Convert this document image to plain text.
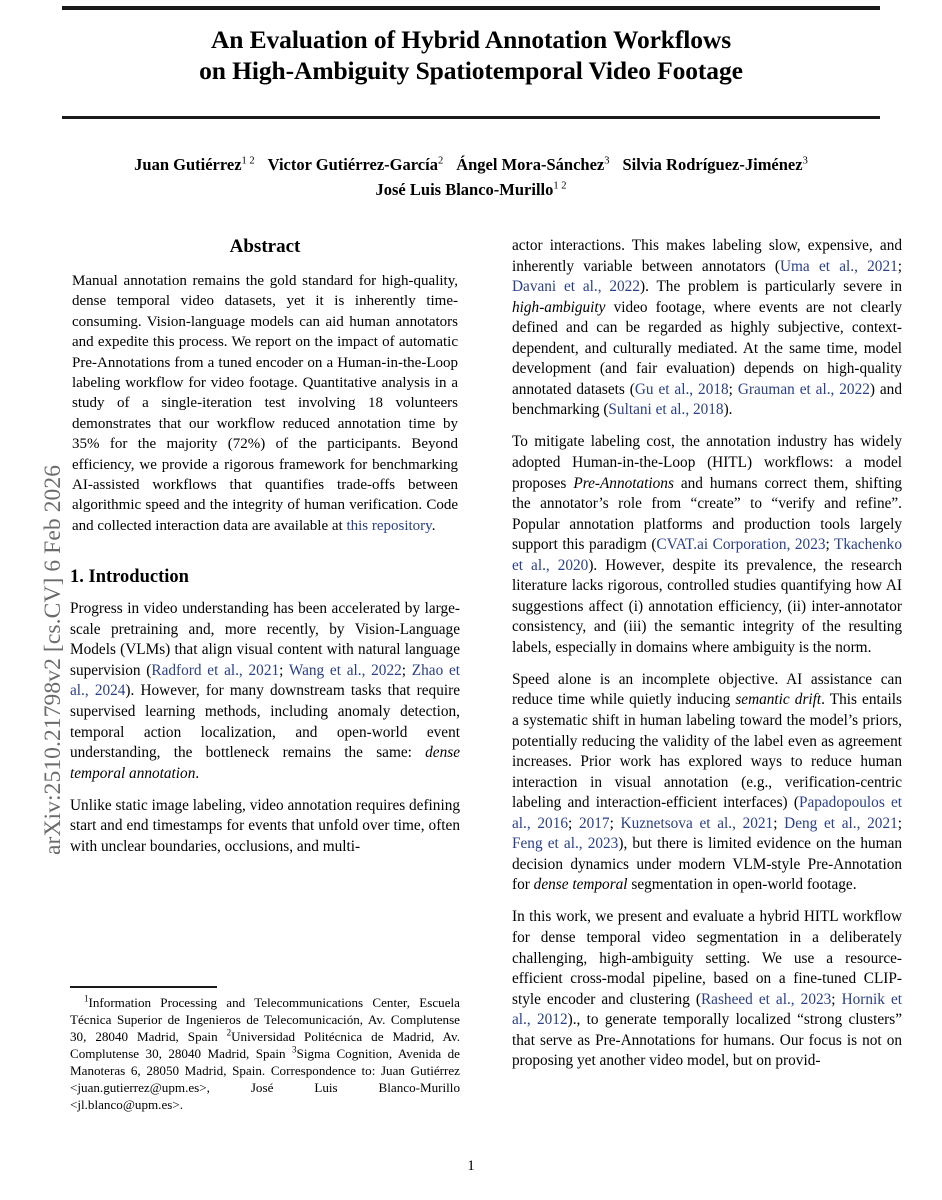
arXiv:2510.21798v2 [cs.CV] 6 Feb 2026
An Evaluation of Hybrid Annotation Workflows
on High-Ambiguity Spatiotemporal Video Footage
Juan Gutiérrez$^{1 2}$ Victor Gutiérrez-García$^2$ Ángel Mora-Sánchez$^3$ Silvia Rodríguez-Jiménez$^3$
José Luis Blanco-Murillo$^{1 2}$
Abstract
Manual annotation remains the gold standard for high-quality, dense temporal video datasets, yet it is inherently time-consuming. Vision-language models can aid human annotators and expedite this process. We report on the impact of automatic Pre-Annotations from a tuned encoder on a Human-in-the-Loop labeling workflow for video footage. Quantitative analysis in a study of a single-iteration test involving 18 volunteers demonstrates that our workflow reduced annotation time by 35% for the majority (72%) of the participants. Beyond efficiency, we provide a rigorous framework for benchmarking AI-assisted workflows that quantifies trade-offs between algorithmic speed and the integrity of human verification. Code and collected interaction data are available at this repository.
1. Introduction

Progress in video understanding has been accelerated by large-scale pretraining and, more recently, by Vision-Language Models (VLMs) that align visual content with natural language supervision (Radford et al., 2021; Wang et al., 2022; Zhao et al., 2024). However, for many downstream tasks that require supervised learning methods, including anomaly detection, temporal action localization, and open-world event understanding, the bottleneck remains the same: dense temporal annotation.

Unlike static image labeling, video annotation requires defining start and end timestamps for events that unfold over time, often with unclear boundaries, occlusions, and multi-

actor interactions. This makes labeling slow, expensive, and inherently variable between annotators (Uma et al., 2021; Davani et al., 2022). The problem is particularly severe in high-ambiguity video footage, where events are not clearly defined and can be regarded as highly subjective, context-dependent, and culturally mediated. At the same time, model development (and fair evaluation) depends on high-quality annotated datasets (Gu et al., 2018; Grauman et al., 2022) and benchmarking (Sultani et al., 2018).

To mitigate labeling cost, the annotation industry has widely adopted Human-in-the-Loop (HITL) workflows: a model proposes Pre-Annotations and humans correct them, shifting the annotator’s role from “create” to “verify and refine”. Popular annotation platforms and production tools largely support this paradigm (CVAT.ai Corporation, 2023; Tkachenko et al., 2020). However, despite its prevalence, the research literature lacks rigorous, controlled studies quantifying how AI suggestions affect (i) annotation efficiency, (ii) inter-annotator consistency, and (iii) the semantic integrity of the resulting labels, especially in domains where ambiguity is the norm.

Speed alone is an incomplete objective. AI assistance can reduce time while quietly inducing semantic drift. This entails a systematic shift in human labeling toward the model’s priors, potentially reducing the validity of the label even as agreement increases. Prior work has explored ways to reduce human interaction in visual annotation (e.g., verification-centric labeling and interaction-efficient interfaces) (Papadopoulos et al., 2016; 2017; Kuznetsova et al., 2021; Deng et al., 2021; Feng et al., 2023), but there is limited evidence on the human decision dynamics under modern VLM-style Pre-Annotation for dense temporal segmentation in open-world footage.

In this work, we present and evaluate a hybrid HITL workflow for dense temporal video segmentation in a deliberately challenging, high-ambiguity setting. We use a resource-efficient cross-modal pipeline, based on a fine-tuned CLIP-style encoder and clustering (Rasheed et al., 2023; Hornik et al., 2012)., to generate temporally localized “strong clusters” that serve as Pre-Annotations for humans. Our focus is not on proposing yet another video model, but on provid-

$^1$Information Processing and Telecommunications Center, Escuela Técnica Superior de Ingenieros de Telecomunicación, Av. Complutense 30, 28040 Madrid, Spain $^2$Universidad Politécnica de Madrid, Av. Complutense 30, 28040 Madrid, Spain $^3$Sigma Cognition, Avenida de Manoteras 6, 28050 Madrid, Spain. Correspondence to: Juan Gutiérrez <juan.gutierrez@upm.es>, José Luis Blanco-Murillo <jl.blanco@upm.es>.
1
